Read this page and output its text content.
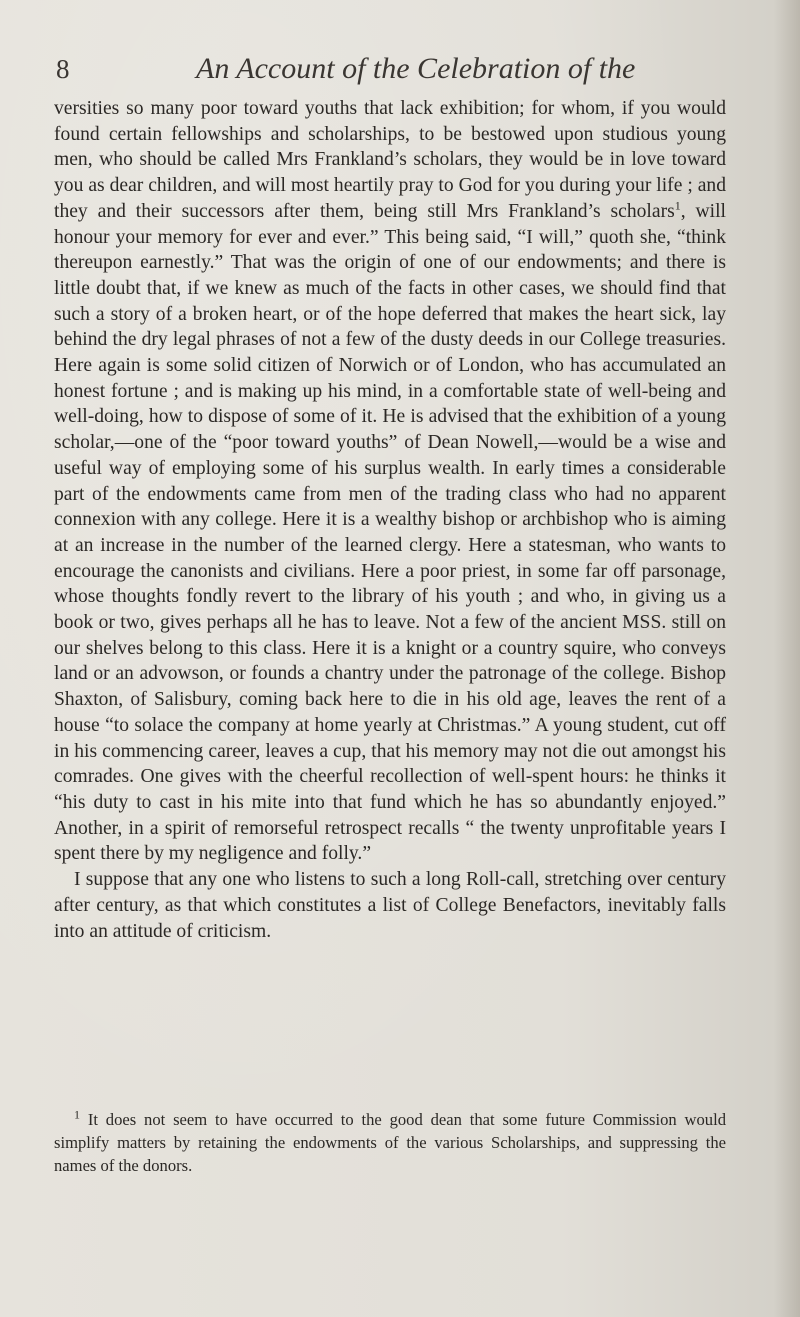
8	An Account of the Celebration of the

versities so many poor toward youths that lack exhibition; for whom, if you would found certain fellowships and scholarships, to be bestowed upon studious young men, who should be called Mrs Frankland’s scholars, they would be in love toward you as dear children, and will most heartily pray to God for you during your life ; and they and their successors after them, being still Mrs Frankland’s scholars$^1$, will honour your memory for ever and ever.” This being said, “I will,” quoth she, “think thereupon earnestly.” That was the origin of one of our endowments; and there is little doubt that, if we knew as much of the facts in other cases, we should find that such a story of a broken heart, or of the hope deferred that makes the heart sick, lay behind the dry legal phrases of not a few of the dusty deeds in our College treasuries. Here again is some solid citizen of Norwich or of London, who has accumulated an honest fortune ; and is making up his mind, in a comfortable state of well-being and well-doing, how to dispose of some of it. He is advised that the exhibition of a young scholar,—one of the “poor toward youths” of Dean Nowell,—would be a wise and useful way of employing some of his surplus wealth. In early times a considerable part of the endowments came from men of the trading class who had no apparent connexion with any college. Here it is a wealthy bishop or archbishop who is aiming at an increase in the number of the learned clergy. Here a statesman, who wants to encourage the canonists and civilians. Here a poor priest, in some far off parsonage, whose thoughts fondly revert to the library of his youth ; and who, in giving us a book or two, gives perhaps all he has to leave. Not a few of the ancient MSS. still on our shelves belong to this class. Here it is a knight or a country squire, who conveys land or an advowson, or founds a chantry under the patronage of the college. Bishop Shaxton, of Salisbury, coming back here to die in his old age, leaves the rent of a house “to solace the company at home yearly at Christmas.” A young student, cut off in his commencing career, leaves a cup, that his memory may not die out amongst his comrades. One gives with the cheerful recollection of well-spent hours: he thinks it “his duty to cast in his mite into that fund which he has so abundantly enjoyed.” Another, in a spirit of remorseful retrospect recalls “ the twenty unprofitable years I spent there by my negligence and folly.”

I suppose that any one who listens to such a long Roll-call, stretching over century after century, as that which constitutes a list of College Benefactors, inevitably falls into an attitude of criticism.

$^1$ It does not seem to have occurred to the good dean that some future Commission would simplify matters by retaining the endowments of the various Scholarships, and suppressing the names of the donors.
